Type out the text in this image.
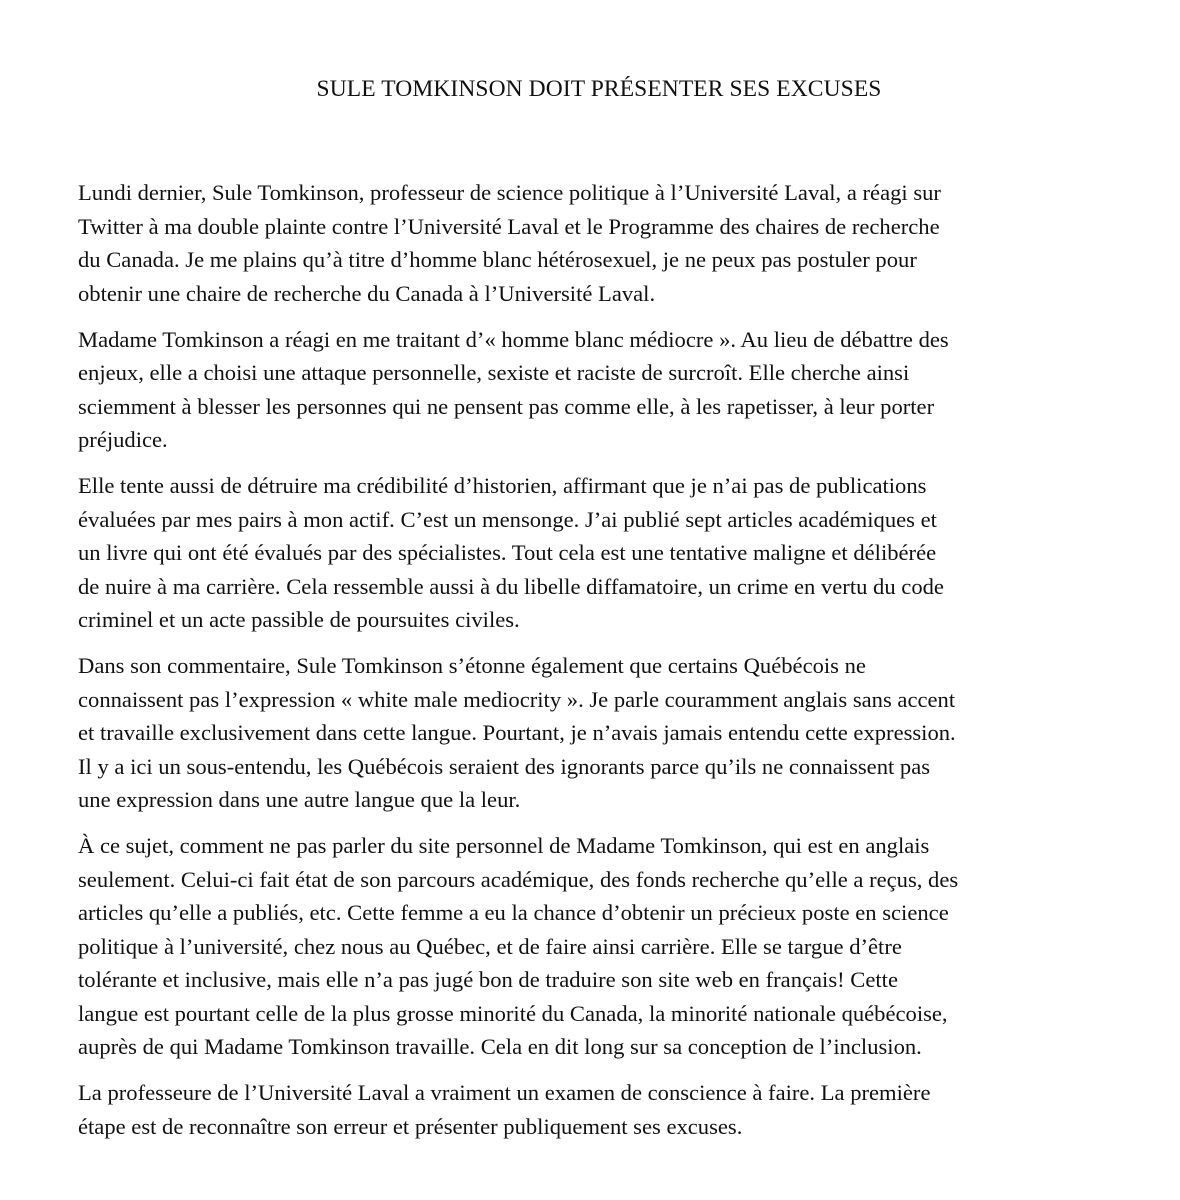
SULE TOMKINSON DOIT PRÉSENTER SES EXCUSES

Lundi dernier, Sule Tomkinson, professeur de science politique à l’Université Laval, a réagi sur
Twitter à ma double plainte contre l’Université Laval et le Programme des chaires de recherche
du Canada. Je me plains qu’à titre d’homme blanc hétérosexuel, je ne peux pas postuler pour
obtenir une chaire de recherche du Canada à l’Université Laval.

Madame Tomkinson a réagi en me traitant d’« homme blanc médiocre ». Au lieu de débattre des
enjeux, elle a choisi une attaque personnelle, sexiste et raciste de surcroît. Elle cherche ainsi
sciemment à blesser les personnes qui ne pensent pas comme elle, à les rapetisser, à leur porter
préjudice.

Elle tente aussi de détruire ma crédibilité d’historien, affirmant que je n’ai pas de publications
évaluées par mes pairs à mon actif. C’est un mensonge. J’ai publié sept articles académiques et
un livre qui ont été évalués par des spécialistes. Tout cela est une tentative maligne et délibérée
de nuire à ma carrière. Cela ressemble aussi à du libelle diffamatoire, un crime en vertu du code
criminel et un acte passible de poursuites civiles.

Dans son commentaire, Sule Tomkinson s’étonne également que certains Québécois ne
connaissent pas l’expression « white male mediocrity ». Je parle couramment anglais sans accent
et travaille exclusivement dans cette langue. Pourtant, je n’avais jamais entendu cette expression.
Il y a ici un sous-entendu, les Québécois seraient des ignorants parce qu’ils ne connaissent pas
une expression dans une autre langue que la leur.

À ce sujet, comment ne pas parler du site personnel de Madame Tomkinson, qui est en anglais
seulement. Celui-ci fait état de son parcours académique, des fonds recherche qu’elle a reçus, des
articles qu’elle a publiés, etc. Cette femme a eu la chance d’obtenir un précieux poste en science
politique à l’université, chez nous au Québec, et de faire ainsi carrière. Elle se targue d’être
tolérante et inclusive, mais elle n’a pas jugé bon de traduire son site web en français! Cette
langue est pourtant celle de la plus grosse minorité du Canada, la minorité nationale québécoise,
auprès de qui Madame Tomkinson travaille. Cela en dit long sur sa conception de l’inclusion.

La professeure de l’Université Laval a vraiment un examen de conscience à faire. La première
étape est de reconnaître son erreur et présenter publiquement ses excuses.
